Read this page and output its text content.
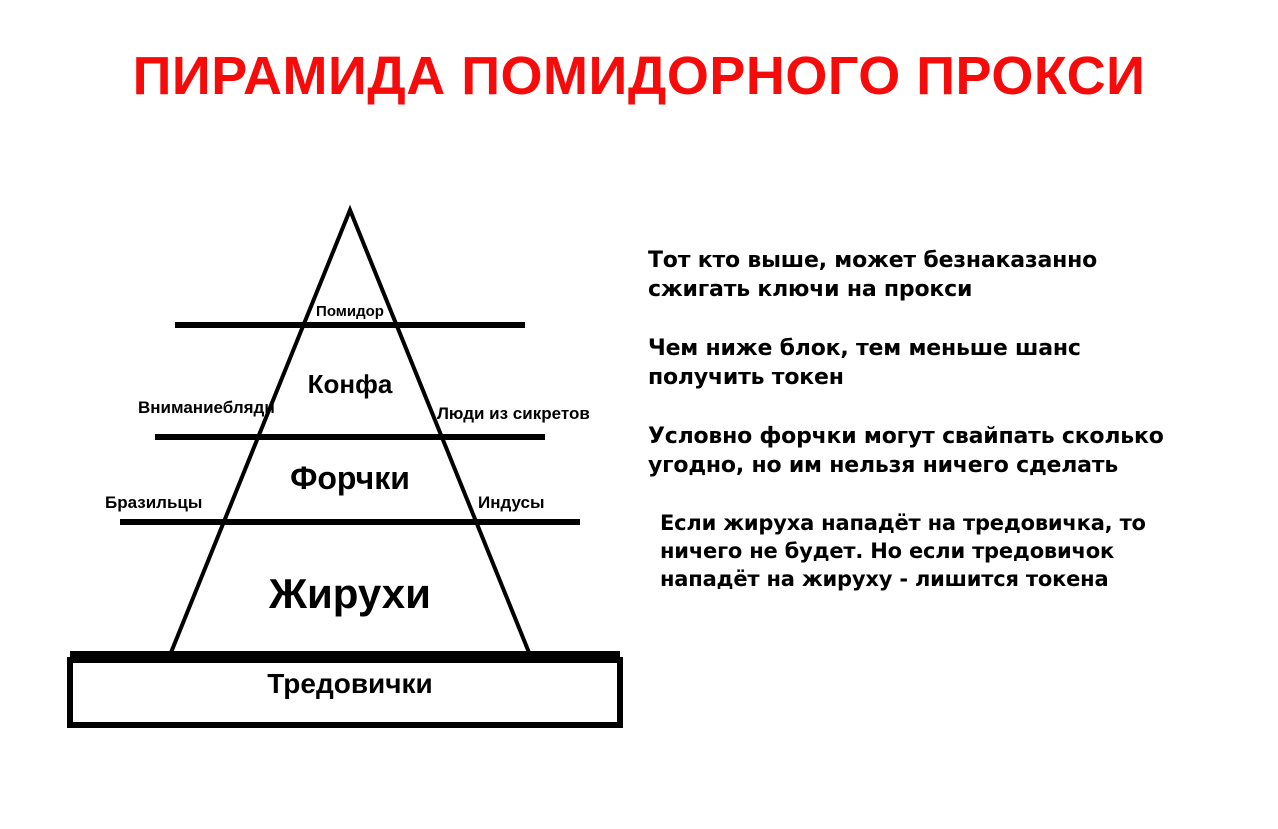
ПИРАМИДА ПОМИДОРНОГО ПРОКСИ
Помидор
Конфа
Форчки
Жирухи
Тредовички
Вниманиебляди	Люди из сикретов
Бразильцы	Индусы
Тот кто выше, может безнаказанно сжигать ключи на прокси
Чем ниже блок, тем меньше шанс получить токен
Условно форчки могут свайпать сколько угодно, но им нельзя ничего сделать
Если жируха нападёт на тредовичка, то ничего не будет. Но если тредовичок нападёт на жируху - лишится токена
